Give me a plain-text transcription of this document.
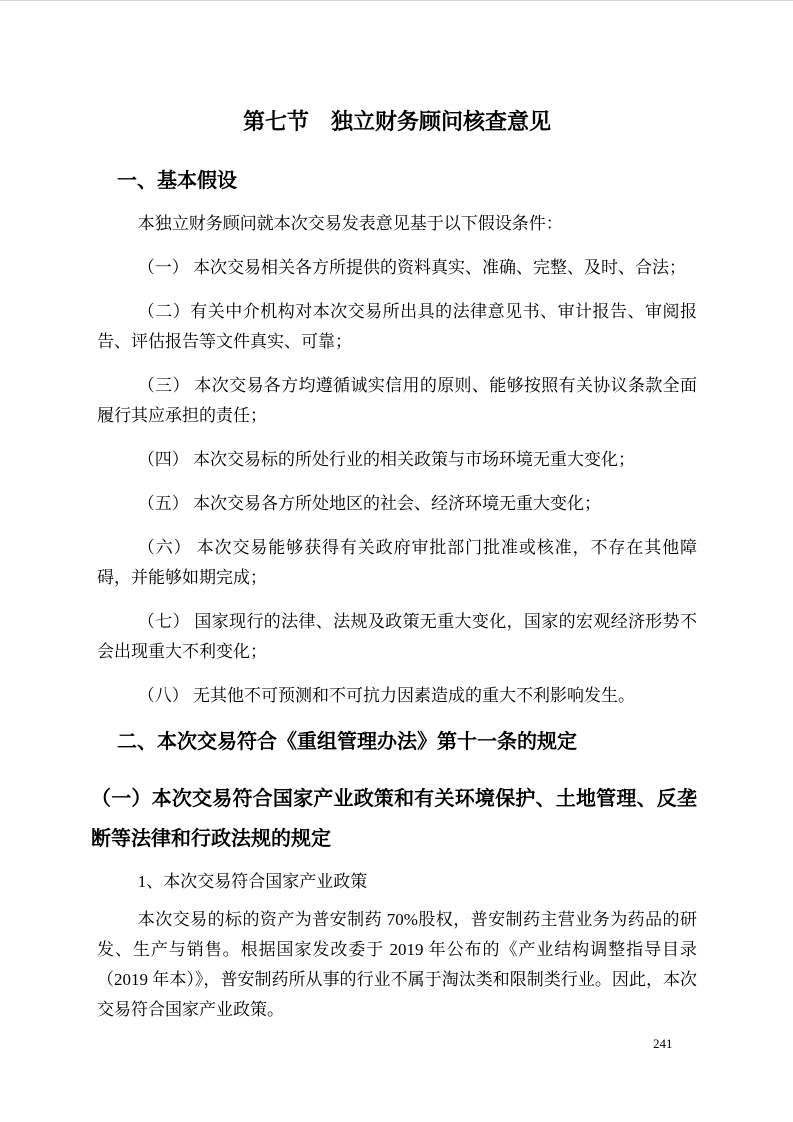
第七节　独立财务顾问核查意见
一、基本假设

本独立财务顾问就本次交易发表意见基于以下假设条件：

（一） 本次交易相关各方所提供的资料真实、准确、完整、及时、合法；

（二）有关中介机构对本次交易所出具的法律意见书、审计报告、审阅报告、评估报告等文件真实、可靠；

（三） 本次交易各方均遵循诚实信用的原则、能够按照有关协议条款全面履行其应承担的责任；

（四） 本次交易标的所处行业的相关政策与市场环境无重大变化；

（五） 本次交易各方所处地区的社会、经济环境无重大变化；

（六） 本次交易能够获得有关政府审批部门批准或核准，不存在其他障碍，并能够如期完成；

（七） 国家现行的法律、法规及政策无重大变化，国家的宏观经济形势不会出现重大不利变化；

（八） 无其他不可预测和不可抗力因素造成的重大不利影响发生。

二、本次交易符合《重组管理办法》第十一条的规定
（一）本次交易符合国家产业政策和有关环境保护、土地管理、反垄断等法律和行政法规的规定

1、本次交易符合国家产业政策

本次交易的标的资产为普安制药 70%股权，普安制药主营业务为药品的研发、生产与销售。根据国家发改委于 2019 年公布的《产业结构调整指导目录（2019 年本）》，普安制药所从事的行业不属于淘汰类和限制类行业。因此，本次交易符合国家产业政策。

241
